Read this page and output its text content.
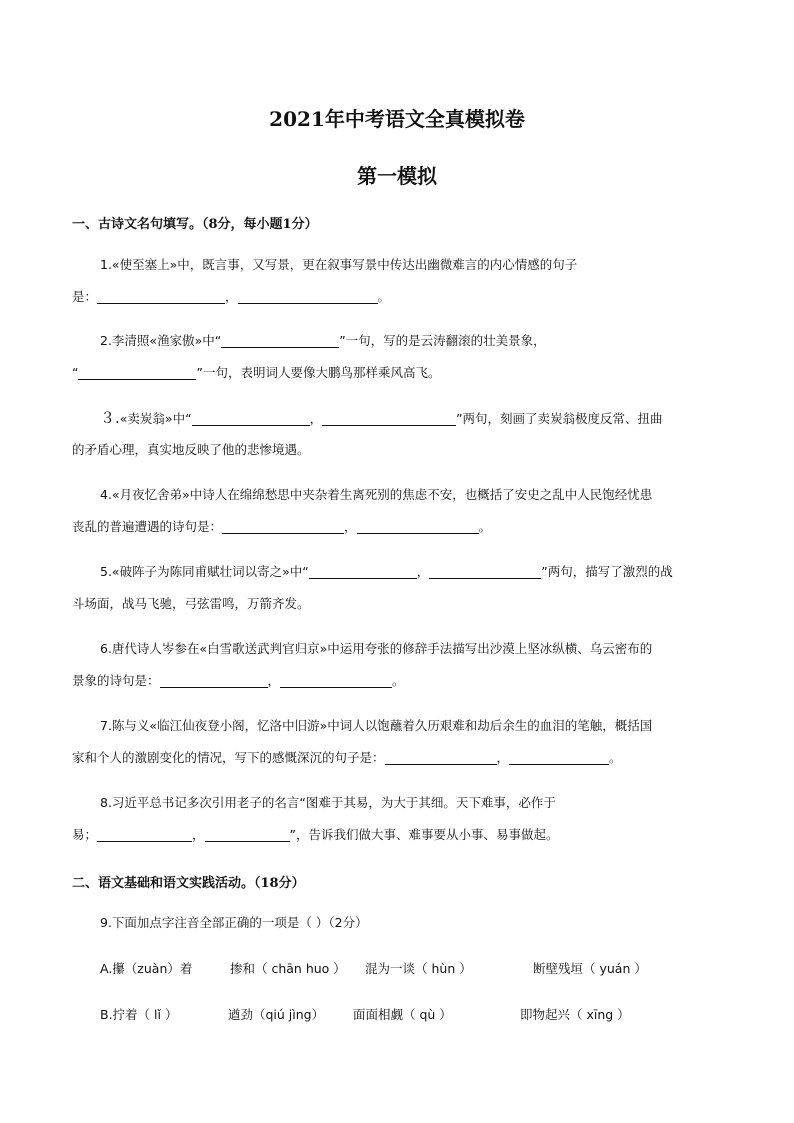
2021年中考语文全真模拟卷
第一模拟
一、古诗文名句填写。（8分，每小题1分）
1.«使至塞上»中，既言事，又写景，更在叙事写景中传达出幽微难言的内心情感的句子
是：	，	。
2.李清照«渔家傲»中“	”一句，写的是云涛翻滚的壮美景象，
“	”一句，表明词人要像大鹏鸟那样乘风高飞。
３.«卖炭翁»中“	，	”两句，刻画了卖炭翁极度反常、扭曲
的矛盾心理，真实地反映了他的悲惨境遇。
4.«月夜忆舍弟»中诗人在绵绵愁思中夹杂着生离死别的焦虑不安，也概括了安史之乱中人民饱经忧患
丧乱的普遍遭遇的诗句是：	，	。
5.«破阵子为陈同甫赋壮词以寄之»中“	，	”两句，描写了激烈的战
斗场面，战马飞驰，弓弦雷鸣，万箭齐发。
6.唐代诗人岑参在«白雪歌送武判官归京»中运用夸张的修辞手法描写出沙漠上坚冰纵横、乌云密布的
景象的诗句是：	，	。
7.陈与义«临江仙夜登小阁，忆洛中旧游»中词人以饱蘸着久历艰难和劫后余生的血泪的笔触，概括国
家和个人的激剧变化的情况，写下的感慨深沉的句子是：	，	。
8.习近平总书记多次引用老子的名言“图难于其易，为大于其细。天下难事，必作于
易；	，	”，告诉我们做大事、难事要从小事、易事做起。
二、语文基础和语文实践活动。（18分）
9.下面加点字注音全部正确的一项是（ ）（2分）
A.攥（zuàn）着	掺和（ chān huo ） 混为一谈（ hùn ）	断壁残垣（ yuán ）
B.拧着（ lǐ ）	遒劲（qiú jìng） 面面相觑（ qù ）	即物起兴（ xīng ）
